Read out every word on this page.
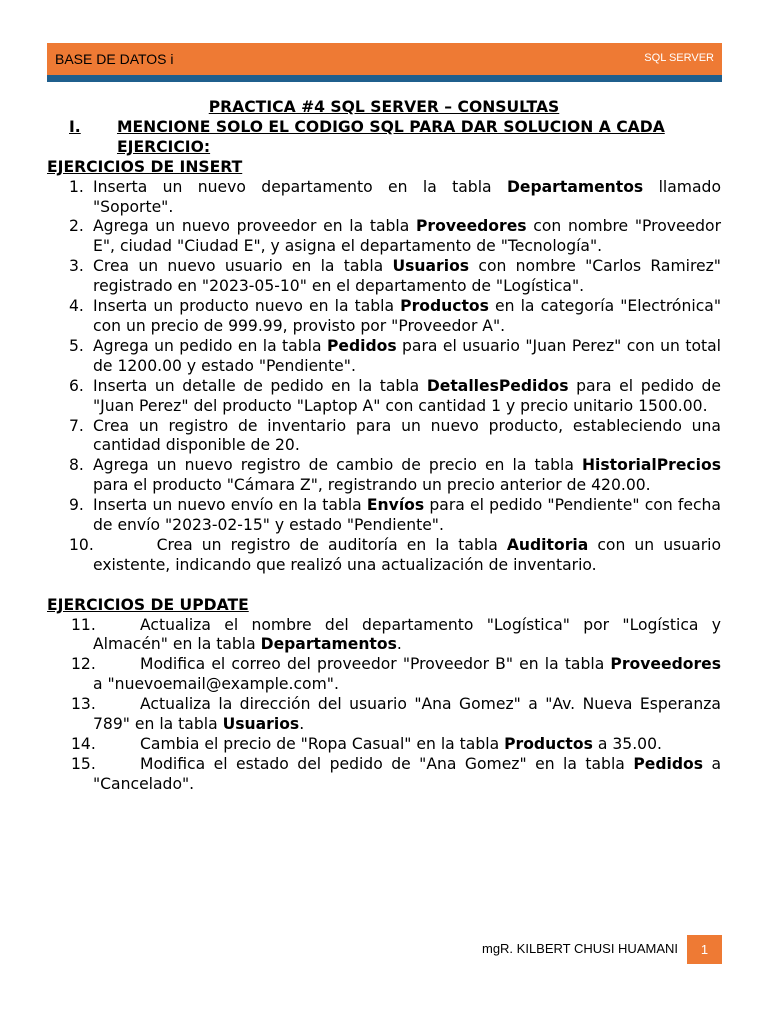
BASE DE DATOS i	SQL SERVER
PRACTICA #4 SQL SERVER – CONSULTAS
I.	MENCIONE SOLO EL CODIGO SQL PARA DAR SOLUCION A CADA EJERCICIO:
EJERCICIOS DE INSERT
1. Inserta un nuevo departamento en la tabla Departamentos llamado "Soporte".
2. Agrega un nuevo proveedor en la tabla Proveedores con nombre "Proveedor E", ciudad "Ciudad E", y asigna el departamento de "Tecnología".
3. Crea un nuevo usuario en la tabla Usuarios con nombre "Carlos Ramirez" registrado en "2023-05-10" en el departamento de "Logística".
4. Inserta un producto nuevo en la tabla Productos en la categoría "Electrónica" con un precio de 999.99, provisto por "Proveedor A".
5. Agrega un pedido en la tabla Pedidos para el usuario "Juan Perez" con un total de 1200.00 y estado "Pendiente".
6. Inserta un detalle de pedido en la tabla DetallesPedidos para el pedido de "Juan Perez" del producto "Laptop A" con cantidad 1 y precio unitario 1500.00.
7. Crea un registro de inventario para un nuevo producto, estableciendo una cantidad disponible de 20.
8. Agrega un nuevo registro de cambio de precio en la tabla HistorialPrecios para el producto "Cámara Z", registrando un precio anterior de 420.00.
9. Inserta un nuevo envío en la tabla Envíos para el pedido "Pendiente" con fecha de envío "2023-02-15" y estado "Pendiente".
10. Crea un registro de auditoría en la tabla Auditoria con un usuario existente, indicando que realizó una actualización de inventario.
EJERCICIOS DE UPDATE
11.	Actualiza el nombre del departamento "Logística" por "Logística y Almacén" en la tabla Departamentos.
12.	Modifica el correo del proveedor "Proveedor B" en la tabla Proveedores a "nuevoemail@example.com".
13.	Actualiza la dirección del usuario "Ana Gomez" a "Av. Nueva Esperanza 789" en la tabla Usuarios.
14.	Cambia el precio de "Ropa Casual" en la tabla Productos a 35.00.
15.	Modifica el estado del pedido de "Ana Gomez" en la tabla Pedidos a "Cancelado".
mgR. KILBERT CHUSI HUAMANI	1
